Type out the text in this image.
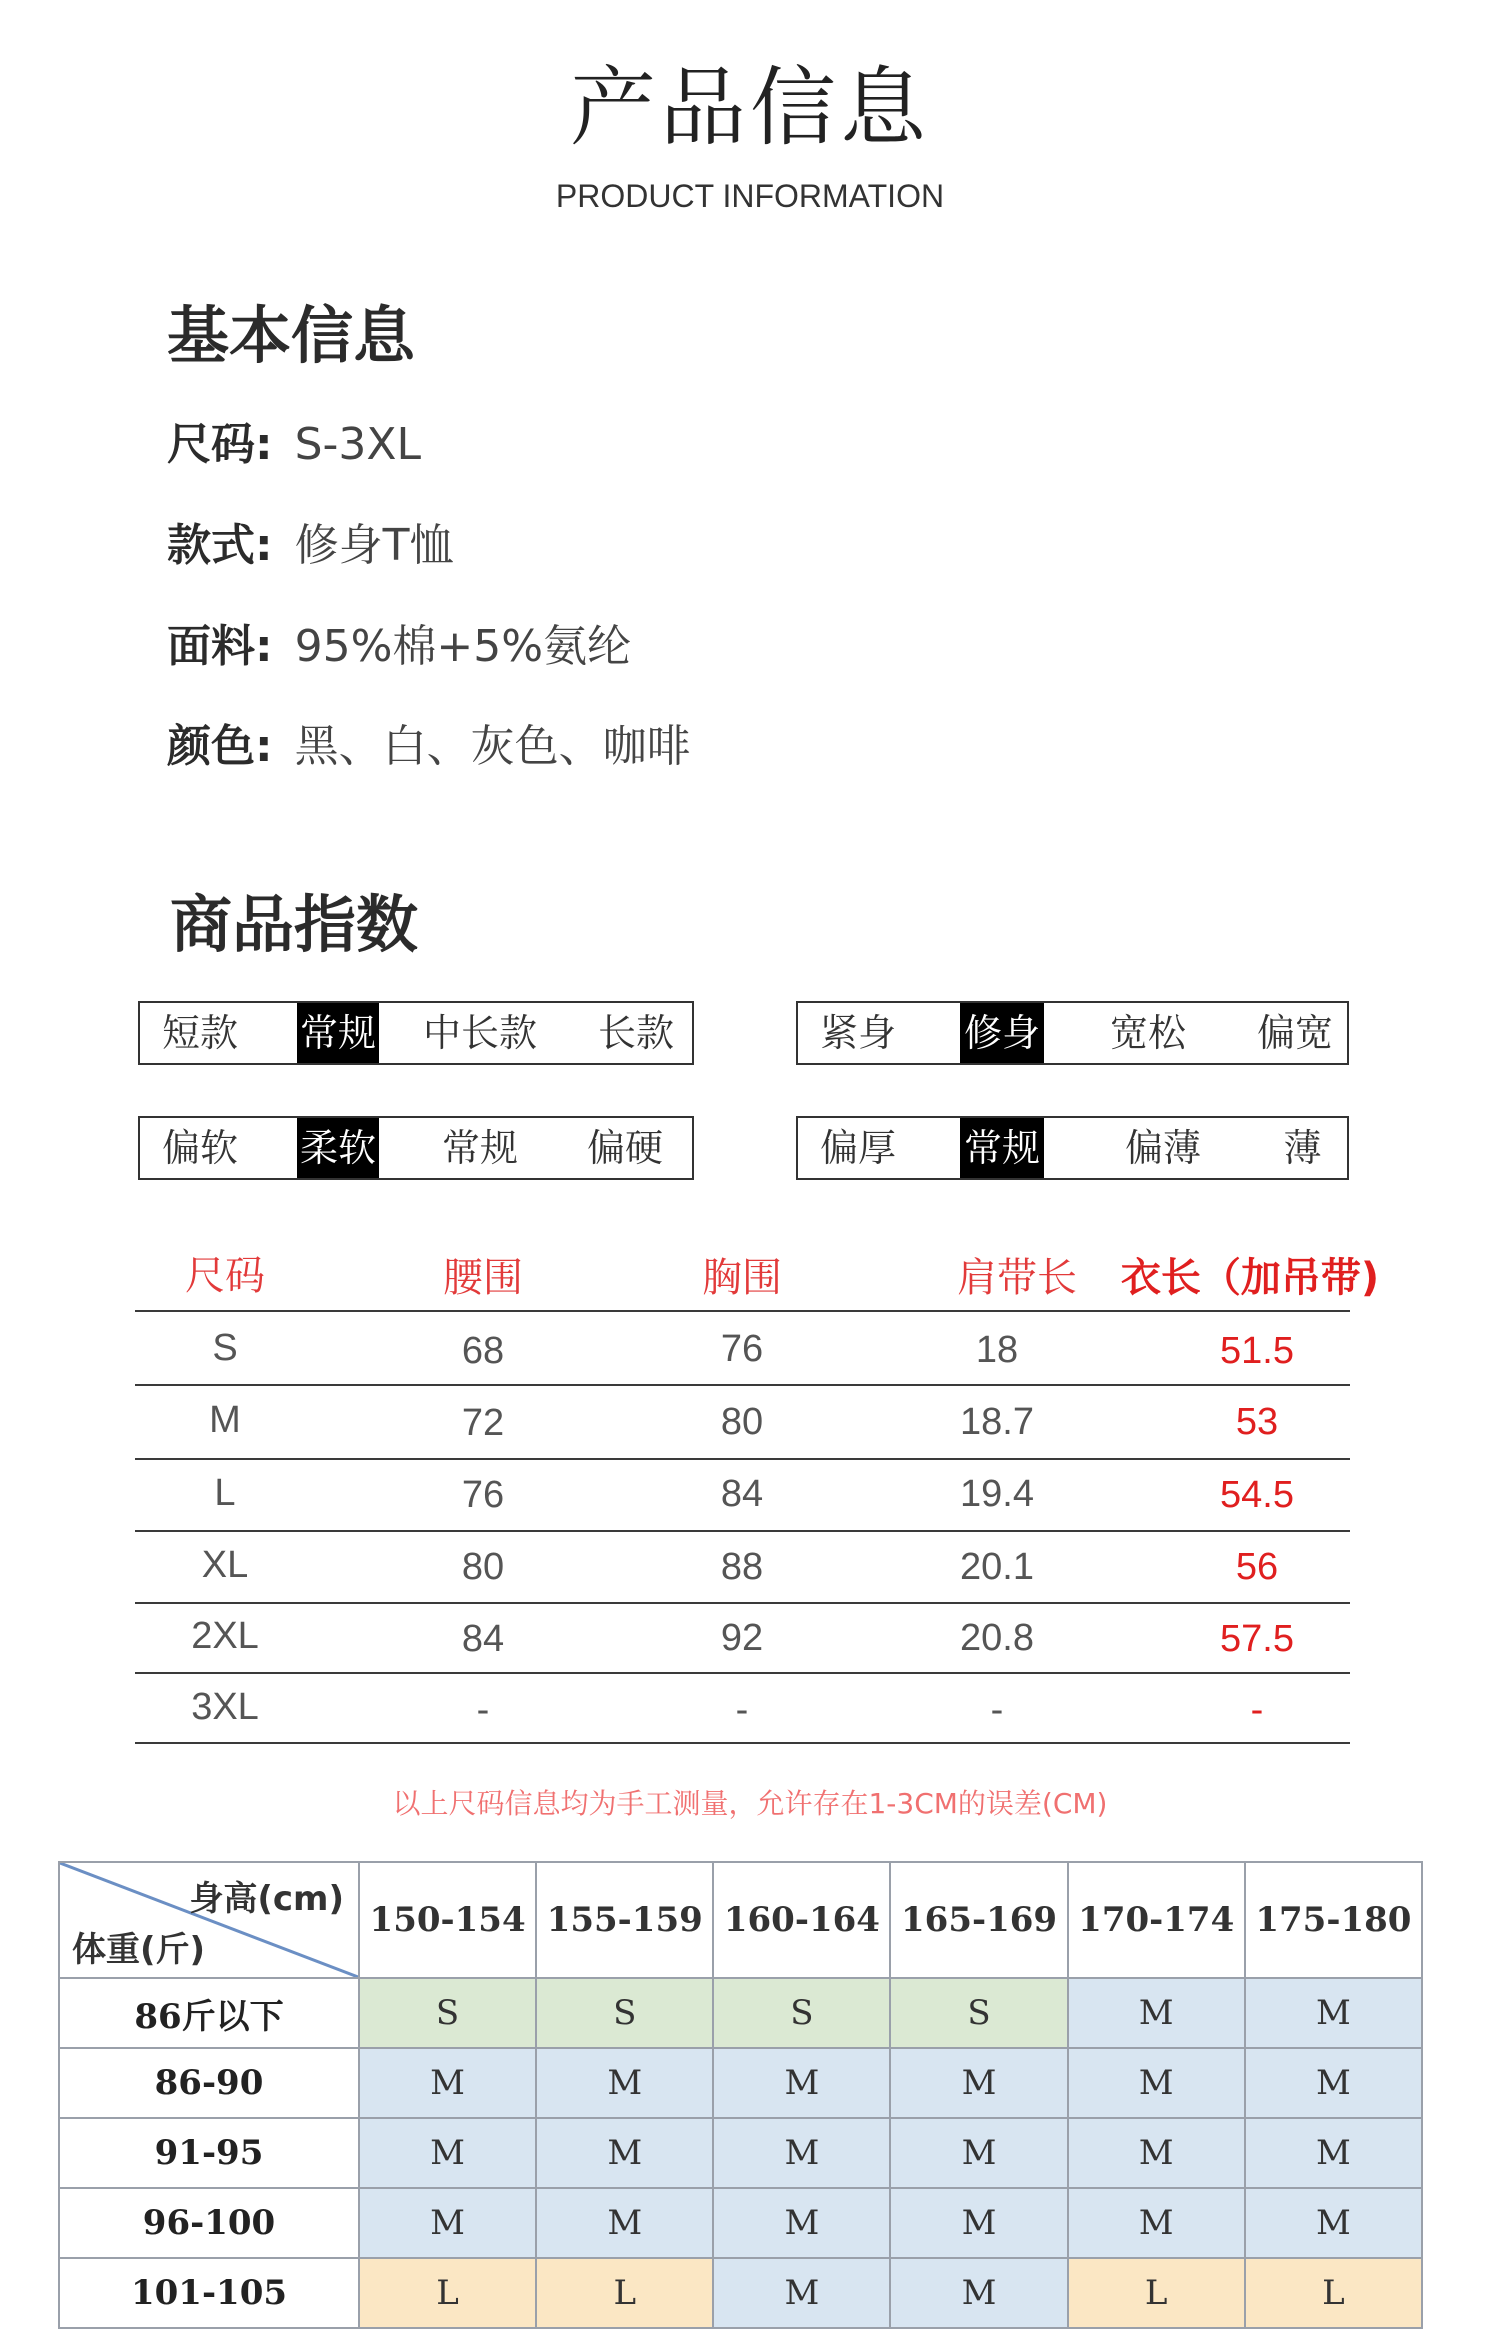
产品信息
PRODUCT INFORMATION
基本信息
尺码: S-3XL
款式: 修身T恤
面料: 95%棉+5%氨纶
颜色: 黑、白、灰色、咖啡
商品指数
短款	常规 中长款	长款	紧身	修身	宽松	偏宽
偏软	柔软	偏硬
常规	偏厚	常规	偏薄	薄
尺码	腰围	胸围	肩带长	衣长（加吊带)
S	68	76	18	51.5
M	72	80	18.7	53
L	76	84	19.4	54.5
XL	80	88	20.1	56
2XL	84	92	20.8	57.5
3XL	-	-	-	-
以上尺码信息均为手工测量，允许存在1-3CM的误差(CM)
身高(cm)
体重(斤)	150-154	155-159	160-164	165-169	170-174	175-180
86斤以下	S	S	S	S	M	M
86-90	M	M	M	M	M	M
91-95	M	M	M	M	M	M
96-100	M	M	M	M	M	M
101-105	L	L	M	M	L	L
